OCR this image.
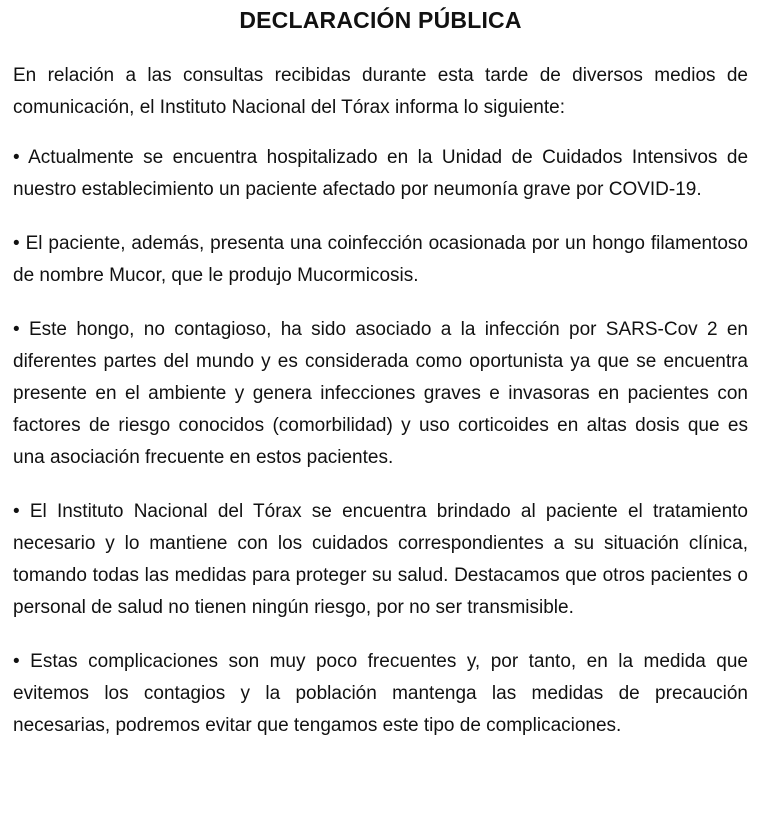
DECLARACIÓN PÚBLICA

En relación a las consultas recibidas durante esta tarde de diversos medios de comunicación, el Instituto Nacional del Tórax informa lo siguiente:

• Actualmente se encuentra hospitalizado en la Unidad de Cuidados Intensivos de nuestro establecimiento un paciente afectado por neumonía grave por COVID-19.
• El paciente, además, presenta una coinfección ocasionada por un hongo filamentoso de nombre Mucor, que le produjo Mucormicosis.
• Este hongo, no contagioso, ha sido asociado a la infección por SARS-Cov 2 en diferentes partes del mundo y es considerada como oportunista ya que se encuentra presente en el ambiente y genera infecciones graves e invasoras en pacientes con factores de riesgo conocidos (comorbilidad) y uso corticoides en altas dosis que es una asociación frecuente en estos pacientes.
• El Instituto Nacional del Tórax se encuentra brindado al paciente el tratamiento necesario y lo mantiene con los cuidados correspondientes a su situación clínica, tomando todas las medidas para proteger su salud. Destacamos que otros pacientes o personal de salud no tienen ningún riesgo, por no ser transmisible.
• Estas complicaciones son muy poco frecuentes y, por tanto, en la medida que evitemos los contagios y la población mantenga las medidas de precaución necesarias, podremos evitar que tengamos este tipo de complicaciones.
